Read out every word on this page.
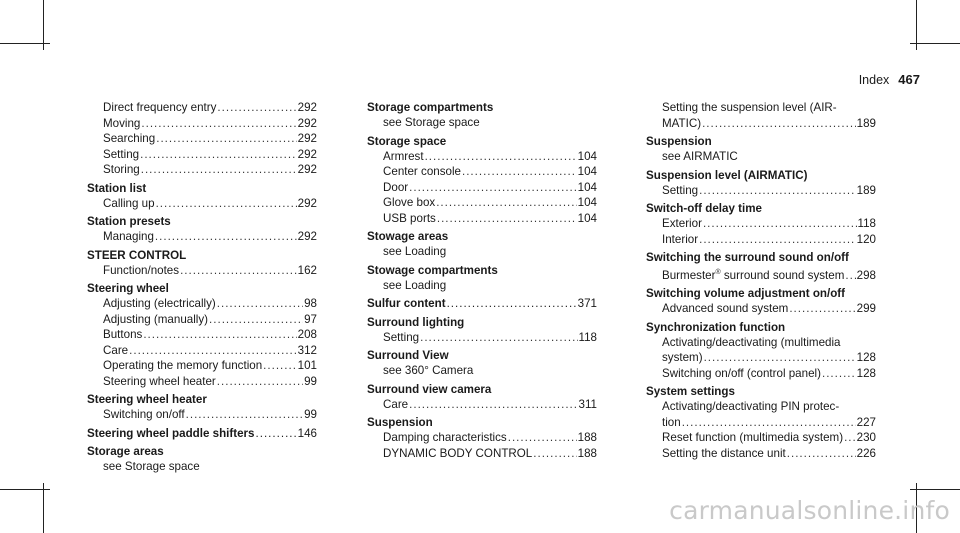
Index 467
Direct frequency entry .....	292
Moving .....	292
Searching .....	292
Setting .....	292
Storing .....	292
Station list
Calling up .....	292
Station presets
Managing .....	292
STEER CONTROL
Function/notes .....	162
Steering wheel
Adjusting (electrically) .....	98
Adjusting (manually) .....	97
Buttons .....	208
Care .....	312
Operating the memory function .....	101
Steering wheel heater .....	99
Steering wheel heater
Switching on/off .....	99
Steering wheel paddle shifters .....	146
Storage areas
see Storage space
Storage compartments
see Storage space
Storage space
Armrest .....	104
Center console .....	104
Door .....	104
Glove box .....	104
USB ports .....	104
Stowage areas
see Loading
Stowage compartments
see Loading
Sulfur content .....	371
Surround lighting
Setting .....	118
Surround View
see 360° Camera
Surround view camera
Care .....	311
Suspension
Damping characteristics .....	188
DYNAMIC BODY CONTROL .....	188
Setting the suspension level (AIR-
MATIC) .....	189
Suspension
see AIRMATIC
Suspension level (AIRMATIC)
Setting .....	189
Switch-off delay time
Exterior .....	118
Interior .....	120
Switching the surround sound on/off
Burmester® surround sound system ..... 298
Switching volume adjustment on/off
Advanced sound system .....	299
Synchronization function
Activating/deactivating (multimedia
system) .....	128
Switching on/off (control panel) .....	128
System settings
Activating/deactivating PIN protec-
tion .....	227
Reset function (multimedia system) ..... 230
Setting the distance unit .....	226
carmanualsonline.info
